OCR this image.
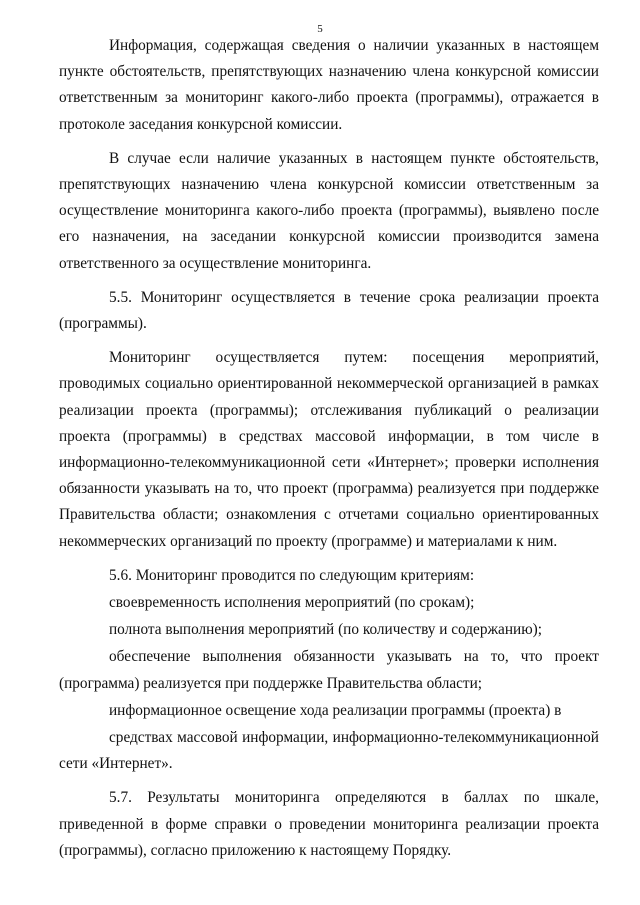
5

Информация, содержащая сведения о наличии указанных в настоящем пункте обстоятельств, препятствующих назначению члена конкурсной комиссии ответственным за мониторинг какого-либо проекта (программы), отражается в протоколе заседания конкурсной комиссии.

В случае если наличие указанных в настоящем пункте обстоятельств, препятствующих назначению члена конкурсной комиссии ответственным за осуществление мониторинга какого-либо проекта (программы), выявлено после его назначения, на заседании конкурсной комиссии производится замена ответственного за осуществление мониторинга.

5.5. Мониторинг осуществляется в течение срока реализации проекта (программы).

Мониторинг осуществляется путем: посещения мероприятий, проводимых социально ориентированной некоммерческой организацией в рамках реализации проекта (программы); отслеживания публикаций о реализации проекта (программы) в средствах массовой информации, в том числе в информационно-телекоммуникационной сети «Интернет»; проверки исполнения обязанности указывать на то, что проект (программа) реализуется при поддержке Правительства области; ознакомления с отчетами социально ориентированных некоммерческих организаций по проекту (программе) и материалами к ним.

5.6. Мониторинг проводится по следующим критериям:

своевременность исполнения мероприятий (по срокам);

полнота выполнения мероприятий (по количеству и содержанию);

обеспечение выполнения обязанности указывать на то, что проект (программа) реализуется при поддержке Правительства области;

информационное освещение хода реализации программы (проекта) в

средствах массовой информации, информационно-телекоммуникационной сети «Интернет».

5.7. Результаты мониторинга определяются в баллах по шкале, приведенной в форме справки о проведении мониторинга реализации проекта (программы), согласно приложению к настоящему Порядку.
